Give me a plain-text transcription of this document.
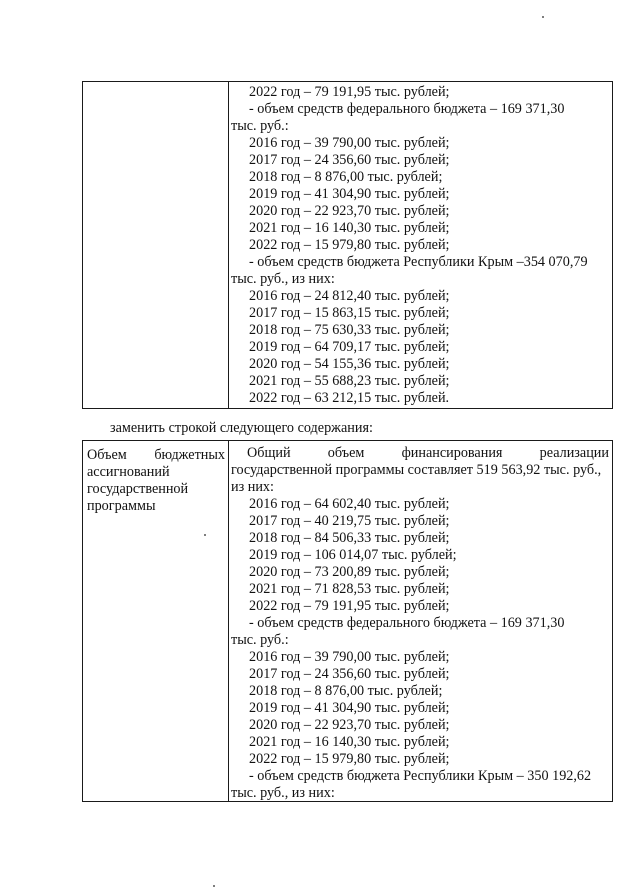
2022 год – 79 191,95 тыс. рублей;
- объем средств федерального бюджета – 169 371,30
тыс. руб.:
2016 год – 39 790,00 тыс. рублей;
2017 год – 24 356,60 тыс. рублей;
2018 год – 8 876,00 тыс. рублей;
2019 год – 41 304,90 тыс. рублей;
2020 год – 22 923,70 тыс. рублей;
2021 год – 16 140,30 тыс. рублей;
2022 год – 15 979,80 тыс. рублей;
- объем средств бюджета Республики Крым –354 070,79
тыс. руб., из них:
2016 год – 24 812,40 тыс. рублей;
2017 год – 15 863,15 тыс. рублей;
2018 год – 75 630,33 тыс. рублей;
2019 год – 64 709,17 тыс. рублей;
2020 год – 54 155,36 тыс. рублей;
2021 год – 55 688,23 тыс. рублей;
2022 год – 63 212,15 тыс. рублей.
заменить строкой следующего содержания:
Объем бюджетных
ассигнований
государственной
программы
Общий объем финансирования реализации
государственной программы составляет 519 563,92 тыс. руб.,
из них:
2016 год – 64 602,40 тыс. рублей;
2017 год – 40 219,75 тыс. рублей;
2018 год – 84 506,33 тыс. рублей;
2019 год – 106 014,07 тыс. рублей;
2020 год – 73 200,89 тыс. рублей;
2021 год – 71 828,53 тыс. рублей;
2022 год – 79 191,95 тыс. рублей;
- объем средств федерального бюджета – 169 371,30
тыс. руб.:
2016 год – 39 790,00 тыс. рублей;
2017 год – 24 356,60 тыс. рублей;
2018 год – 8 876,00 тыс. рублей;
2019 год – 41 304,90 тыс. рублей;
2020 год – 22 923,70 тыс. рублей;
2021 год – 16 140,30 тыс. рублей;
2022 год – 15 979,80 тыс. рублей;
- объем средств бюджета Республики Крым – 350 192,62
тыс. руб., из них:
